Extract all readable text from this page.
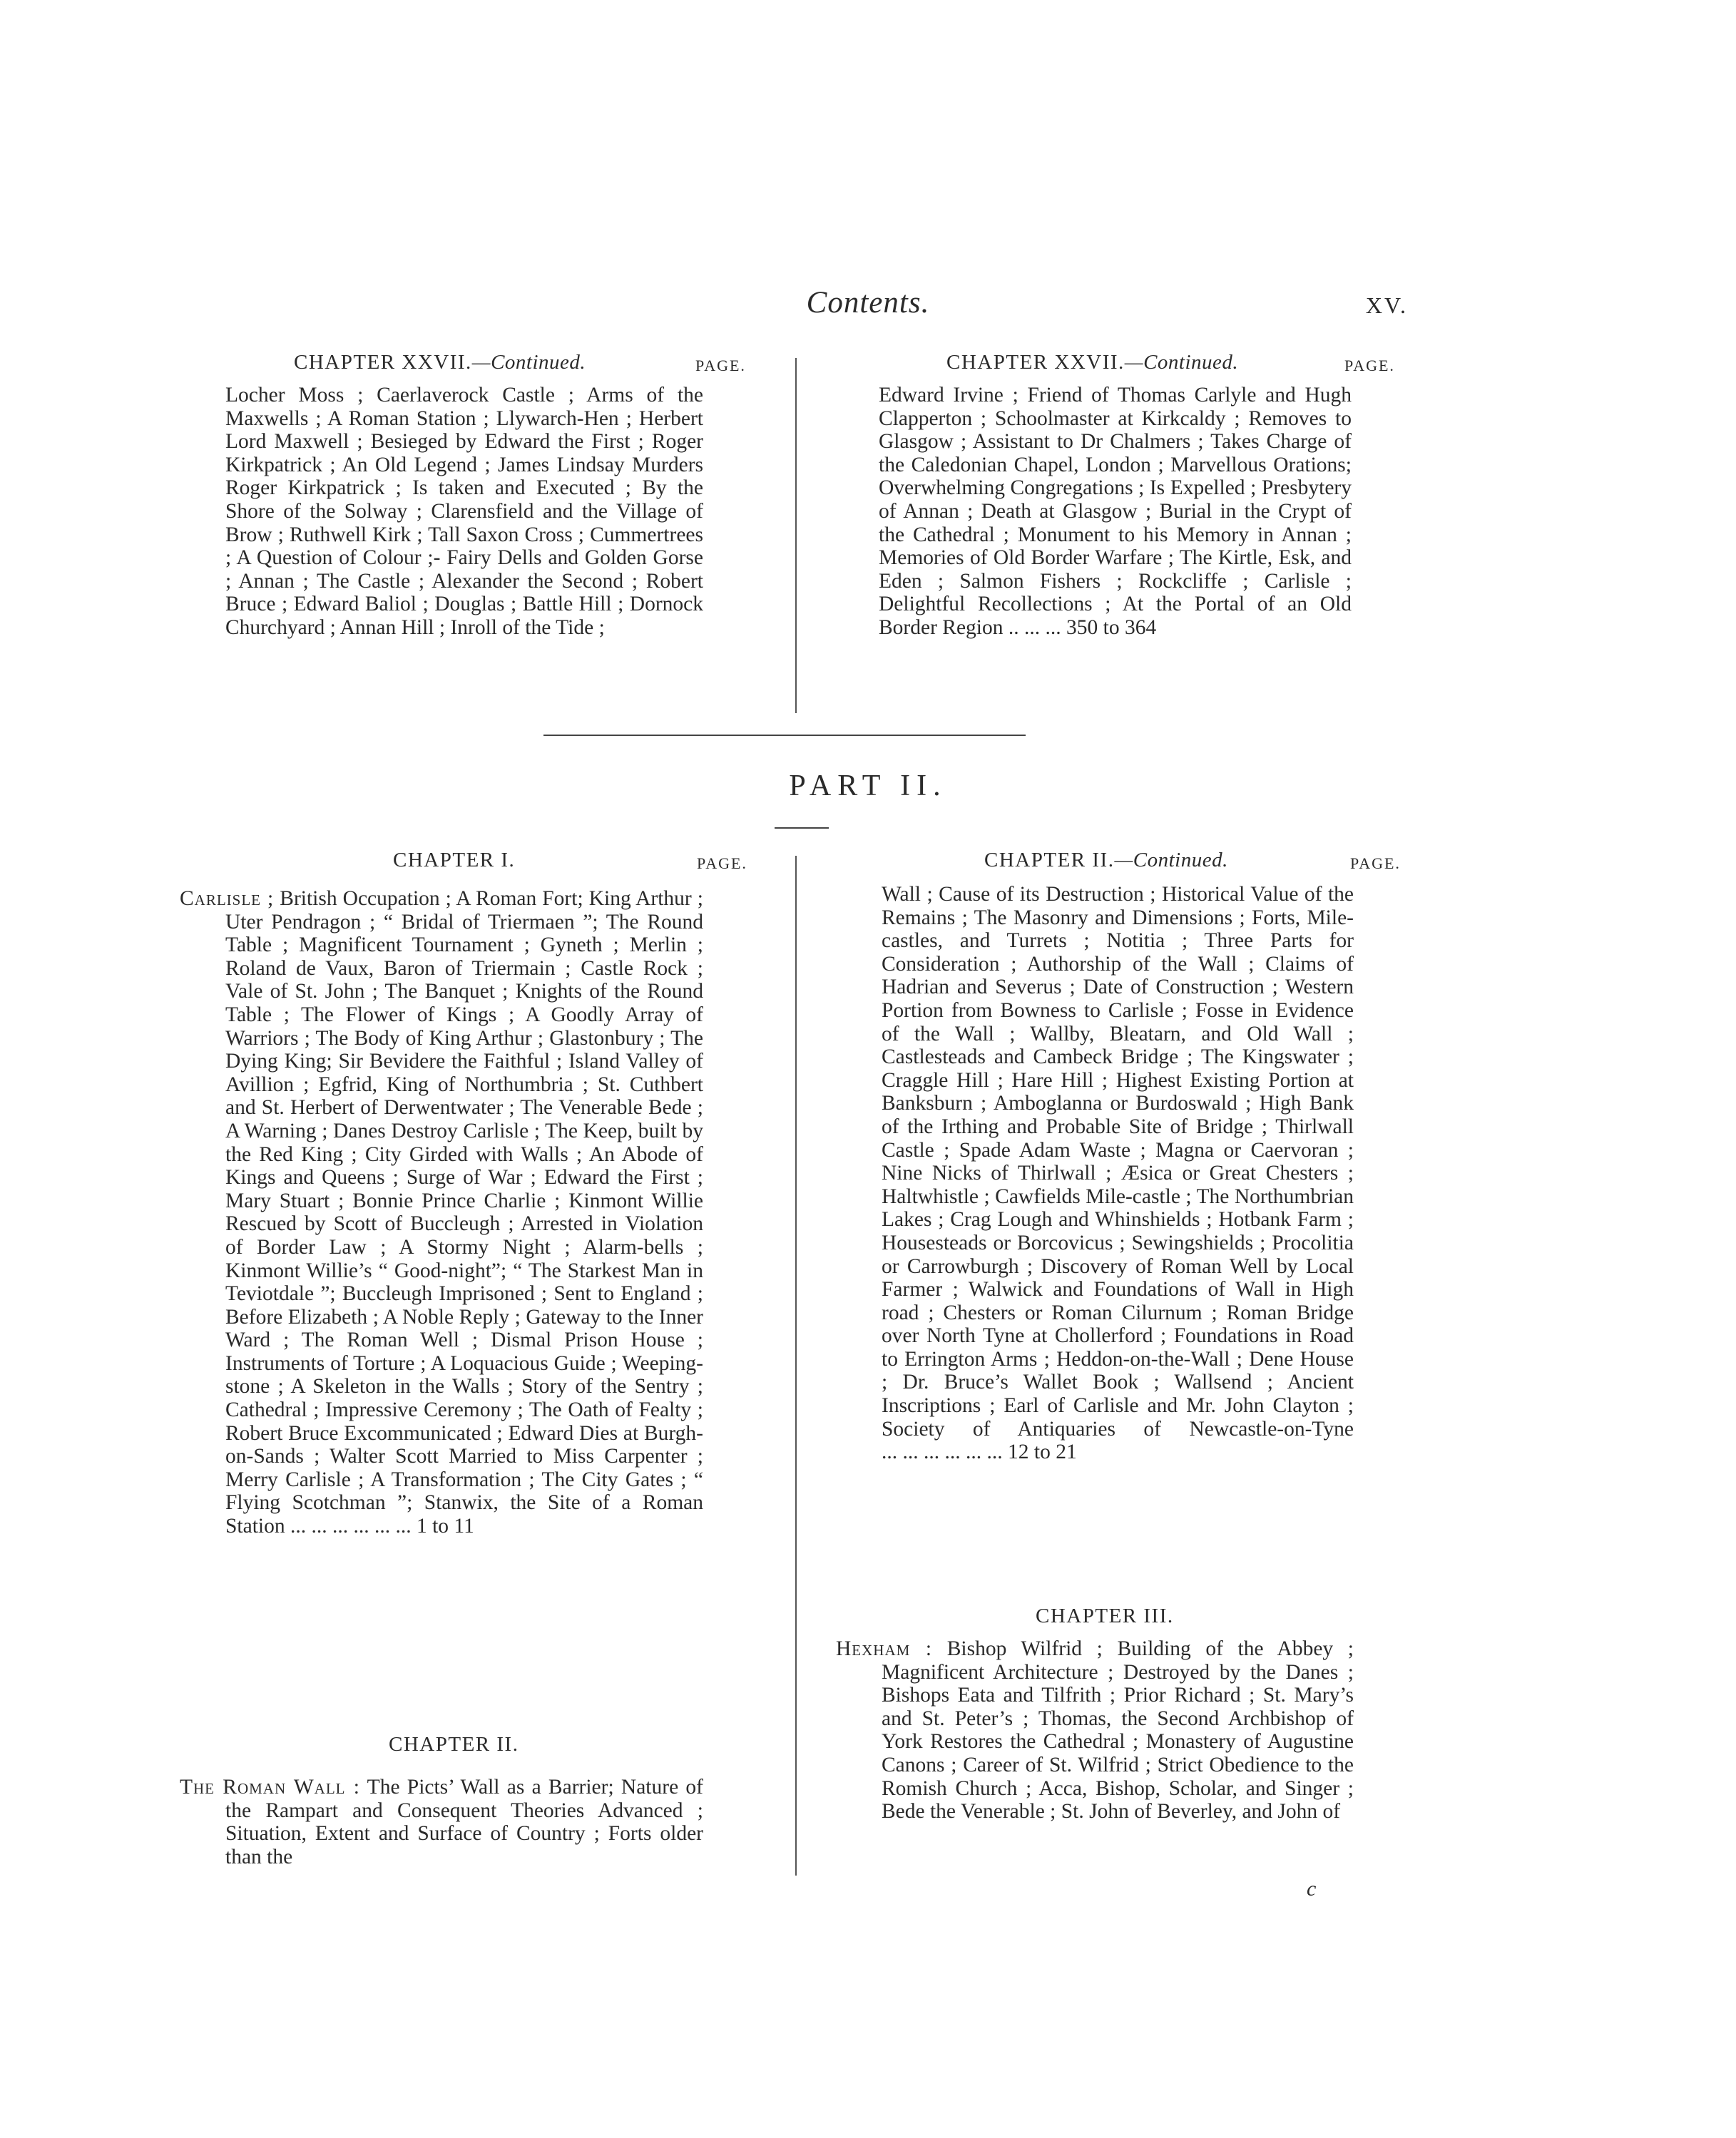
Contents.	XV.
CHAPTER XXVII.—Continued.	PAGE.
Locher Moss ; Caerlaverock Castle ; Arms of the Maxwells ; A Roman Station ; Llywarch-Hen ; Herbert Lord Maxwell ; Besieged by Edward the First ; Roger Kirkpatrick ; An Old Legend ; James Lindsay Murders Roger Kirkpatrick ; Is taken and Executed ; By the Shore of the Solway ; Clarensfield and the Village of Brow ; Ruthwell Kirk ; Tall Saxon Cross ; Cummertrees ; A Question of Colour ;- Fairy Dells and Golden Gorse ; Annan ; The Castle ; Alexander the Second ; Robert Bruce ; Edward Baliol ; Douglas ; Battle Hill ; Dornock Churchyard ; Annan Hill ; Inroll of the Tide ;
CHAPTER XXVII.—Continued.	PAGE.
Edward Irvine ; Friend of Thomas Carlyle and Hugh Clapperton ; Schoolmaster at Kirkcaldy ; Removes to Glasgow ; Assistant to Dr Chalmers ; Takes Charge of the Caledonian Chapel, London ; Marvellous Orations; Overwhelming Congregations ; Is Expelled ; Presbytery of Annan ; Death at Glasgow ; Burial in the Crypt of the Cathedral ; Monument to his Memory in Annan ; Memories of Old Border Warfare ; The Kirtle, Esk, and Eden ; Salmon Fishers ; Rockcliffe ; Carlisle ; Delightful Recollections ; At the Portal of an Old Border Region .. ... ... 350 to 364
PART II.
CHAPTER I.	PAGE.
Carlisle ; British Occupation ; A Roman Fort; King Arthur ; Uter Pendragon ; “ Bridal of Triermaen ”; The Round Table ; Magnificent Tournament ; Gyneth ; Merlin ; Roland de Vaux, Baron of Triermain ; Castle Rock ; Vale of St. John ; The Banquet ; Knights of the Round Table ; The Flower of Kings ; A Goodly Array of Warriors ; The Body of King Arthur ; Glastonbury ; The Dying King; Sir Bevidere the Faithful ; Island Valley of Avillion ; Egfrid, King of Northumbria ; St. Cuthbert and St. Herbert of Derwentwater ; The Venerable Bede ; A Warning ; Danes Destroy Carlisle ; The Keep, built by the Red King ; City Girded with Walls ; An Abode of Kings and Queens ; Surge of War ; Edward the First ; Mary Stuart ; Bonnie Prince Charlie ; Kinmont Willie Rescued by Scott of Buccleugh ; Arrested in Violation of Border Law ; A Stormy Night ; Alarm-bells ; Kinmont Willie’s “ Good-night”; “ The Starkest Man in Teviotdale ”; Buccleugh Imprisoned ; Sent to England ; Before Elizabeth ; A Noble Reply ; Gateway to the Inner Ward ; The Roman Well ; Dismal Prison House ; Instruments of Torture ; A Loquacious Guide ; Weeping-stone ; A Skeleton in the Walls ; Story of the Sentry ; Cathedral ; Impressive Ceremony ; The Oath of Fealty ; Robert Bruce Excommunicated ; Edward Dies at Burgh-on-Sands ; Walter Scott Married to Miss Carpenter ; Merry Carlisle ; A Transformation ; The City Gates ; “ Flying Scotchman ”; Stanwix, the Site of a Roman Station ... ... ... ... ... ... 1 to 11
CHAPTER II.
The Roman Wall : The Picts’ Wall as a Barrier; Nature of the Rampart and Consequent Theories Advanced ; Situation, Extent and Surface of Country ; Forts older than the
CHAPTER II.—Continued.	PAGE.
Wall ; Cause of its Destruction ; Historical Value of the Remains ; The Masonry and Dimensions ; Forts, Mile-castles, and Turrets ; Notitia ; Three Parts for Consideration ; Authorship of the Wall ; Claims of Hadrian and Severus ; Date of Construction ; Western Portion from Bowness to Carlisle ; Fosse in Evidence of the Wall ; Wallby, Bleatarn, and Old Wall ; Castlesteads and Cambeck Bridge ; The Kingswater ; Craggle Hill ; Hare Hill ; Highest Existing Portion at Banksburn ; Amboglanna or Burdoswald ; High Bank of the Irthing and Probable Site of Bridge ; Thirlwall Castle ; Spade Adam Waste ; Magna or Caervoran ; Nine Nicks of Thirlwall ; Æsica or Great Chesters ; Haltwhistle ; Cawfields Mile-castle ; The Northumbrian Lakes ; Crag Lough and Whinshields ; Hotbank Farm ; Housesteads or Borcovicus ; Sewingshields ; Procolitia or Carrowburgh ; Discovery of Roman Well by Local Farmer ; Walwick and Foundations of Wall in High road ; Chesters or Roman Cilurnum ; Roman Bridge over North Tyne at Chollerford ; Foundations in Road to Errington Arms ; Heddon-on-the-Wall ; Dene House ; Dr. Bruce’s Wallet Book ; Wallsend ; Ancient Inscriptions ; Earl of Carlisle and Mr. John Clayton ; Society of Antiquaries of Newcastle-on-Tyne ... ... ... ... ... ... 12 to 21
CHAPTER III.
Hexham : Bishop Wilfrid ; Building of the Abbey ; Magnificent Architecture ; Destroyed by the Danes ; Bishops Eata and Tilfrith ; Prior Richard ; St. Mary’s and St. Peter’s ; Thomas, the Second Archbishop of York Restores the Cathedral ; Monastery of Augustine Canons ; Career of St. Wilfrid ; Strict Obedience to the Romish Church ; Acca, Bishop, Scholar, and Singer ; Bede the Venerable ; St. John of Beverley, and John of
c
